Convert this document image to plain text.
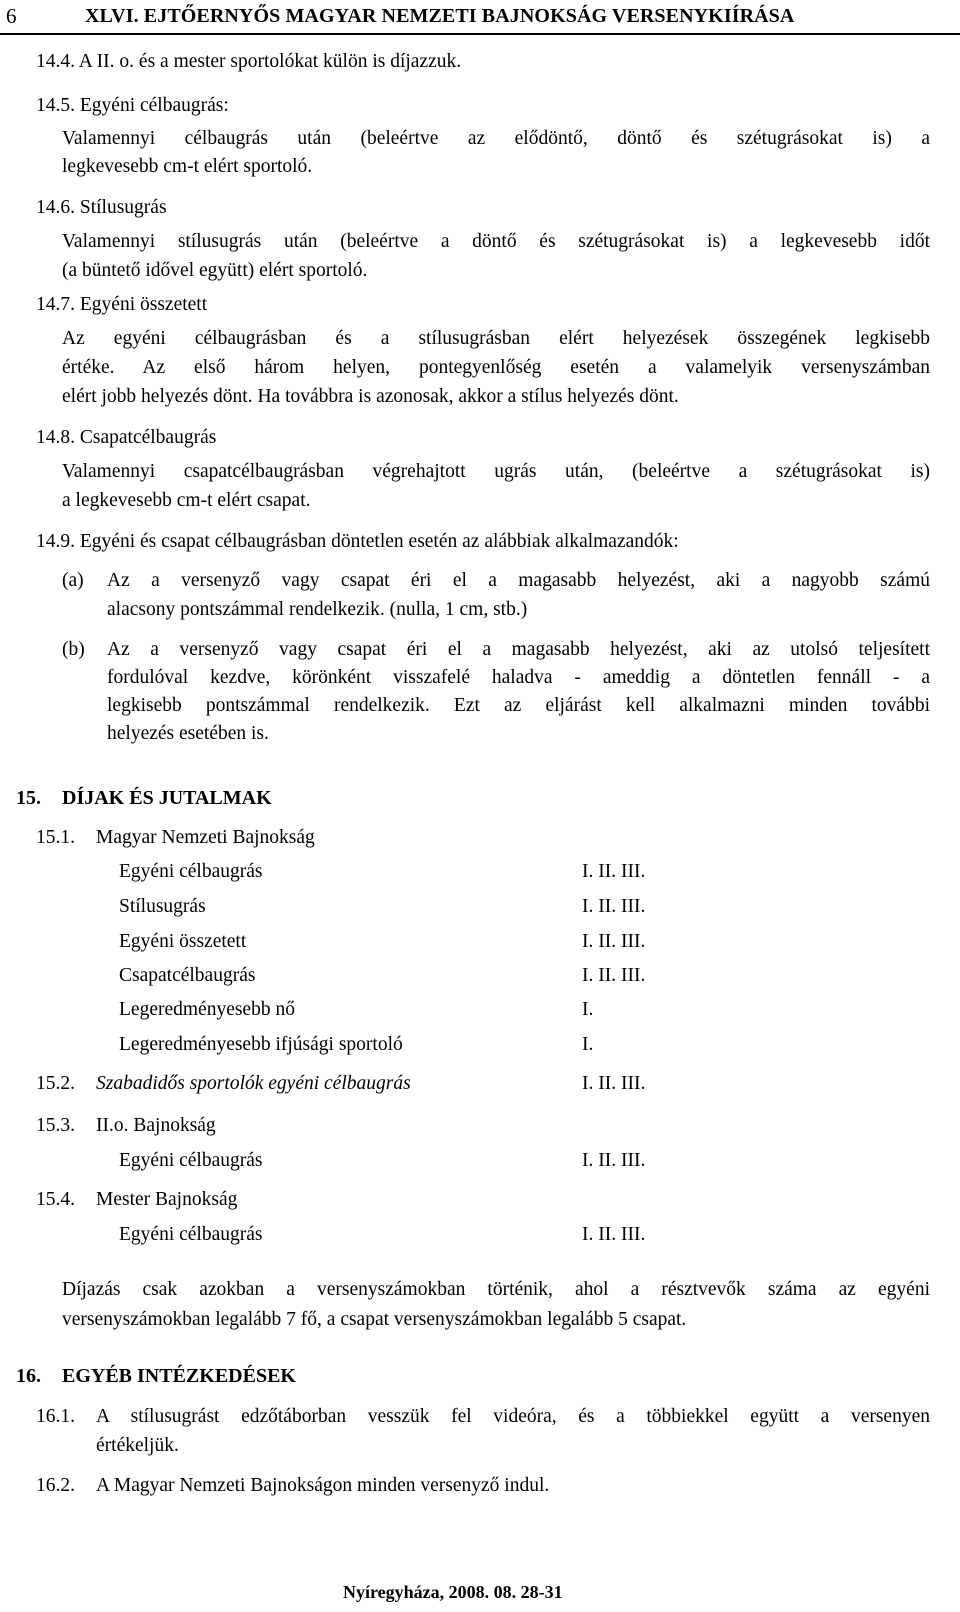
6	XLVI. EJTŐERNYŐS MAGYAR NEMZETI BAJNOKSÁG VERSENYKIÍRÁSA
14.4. A II. o. és a mester sportolókat külön is díjazzuk.
14.5. Egyéni célbaugrás:
Valamennyi célbaugrás után (beleértve az elődöntő, döntő és szétugrásokat is) a
legkevesebb cm-t elért sportoló.
14.6. Stílusugrás
Valamennyi stílusugrás után (beleértve a döntő és szétugrásokat is) a legkevesebb időt
(a büntető idővel együtt) elért sportoló.
14.7. Egyéni összetett
Az egyéni célbaugrásban és a stílusugrásban elért helyezések összegének legkisebb
értéke. Az első három helyen, pontegyenlőség esetén a valamelyik versenyszámban
elért jobb helyezés dönt. Ha továbbra is azonosak, akkor a stílus helyezés dönt.
14.8. Csapatcélbaugrás
Valamennyi csapatcélbaugrásban végrehajtott ugrás után, (beleértve a szétugrásokat is)
a legkevesebb cm-t elért csapat.
14.9. Egyéni és csapat célbaugrásban döntetlen esetén az alábbiak alkalmazandók:
(a) Az a versenyző vagy csapat éri el a magasabb helyezést, aki a nagyobb számú
alacsony pontszámmal rendelkezik. (nulla, 1 cm, stb.)
(b) Az a versenyző vagy csapat éri el a magasabb helyezést, aki az utolsó teljesített
fordulóval kezdve, körönként visszafelé haladva - ameddig a döntetlen fennáll - a
legkisebb pontszámmal rendelkezik. Ezt az eljárást kell alkalmazni minden további
helyezés esetében is.
15. DÍJAK ÉS JUTALMAK
15.1. Magyar Nemzeti Bajnokság
Egyéni célbaugrás	I. II. III.
Stílusugrás	I. II. III.
Egyéni összetett	I. II. III.
Csapatcélbaugrás	I. II. III.
Legeredményesebb nő	I.
Legeredményesebb ifjúsági sportoló	I.
15.2. Szabadidős sportolók egyéni célbaugrás	I. II. III.
15.3. II.o. Bajnokság
Egyéni célbaugrás	I. II. III.
15.4. Mester Bajnokság
Egyéni célbaugrás	I. II. III.
Díjazás csak azokban a versenyszámokban történik, ahol a résztvevők száma az egyéni
versenyszámokban legalább 7 fő, a csapat versenyszámokban legalább 5 csapat.
16. EGYÉB INTÉZKEDÉSEK
16.1. A stílusugrást edzőtáborban vesszük fel videóra, és a többiekkel együtt a versenyen
értékeljük.
16.2. A Magyar Nemzeti Bajnokságon minden versenyző indul.
Nyíregyháza, 2008. 08. 28-31
